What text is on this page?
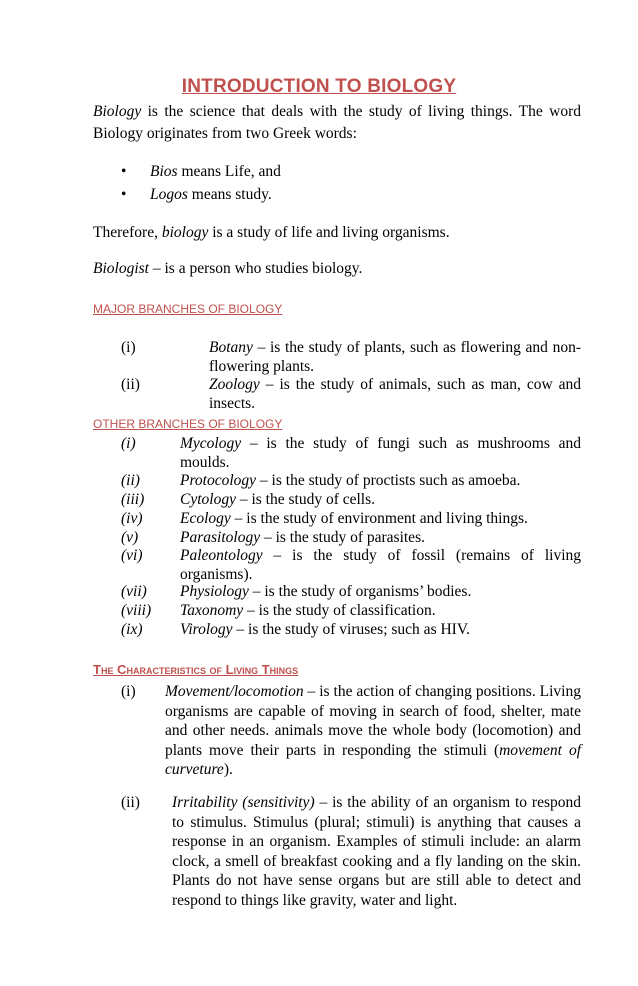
INTRODUCTION TO BIOLOGY
Biology is the science that deals with the study of living things. The word Biology originates from two Greek words:
• Bios means Life, and
• Logos means study.
Therefore, biology is a study of life and living organisms.
Biologist – is a person who studies biology.
MAJOR BRANCHES OF BIOLOGY
(i)	Botany – is the study of plants, such as flowering and non-flowering plants.
(ii)	Zoology – is the study of animals, such as man, cow and insects.
OTHER BRANCHES OF BIOLOGY
(i)	Mycology – is the study of fungi such as mushrooms and moulds.
(ii)	Protocology – is the study of proctists such as amoeba.
(iii) Cytology – is the study of cells.
(iv) Ecology – is the study of environment and living things.
(v)	Parasitology – is the study of parasites.
(vi) Paleontology – is the study of fossil (remains of living organisms).
(vii) Physiology – is the study of organisms’ bodies.
(viii) Taxonomy – is the study of classification.
(ix) Virology – is the study of viruses; such as HIV.
The Characteristics of Living Things
(i) Movement/locomotion – is the action of changing positions. Living organisms are capable of moving in search of food, shelter, mate and other needs. animals move the whole body (locomotion) and plants move their parts in responding the stimuli (movement of curveture).
(ii) Irritability (sensitivity) – is the ability of an organism to respond to stimulus. Stimulus (plural; stimuli) is anything that causes a response in an organism. Examples of stimuli include: an alarm clock, a smell of breakfast cooking and a fly landing on the skin. Plants do not have sense organs but are still able to detect and respond to things like gravity, water and light.
